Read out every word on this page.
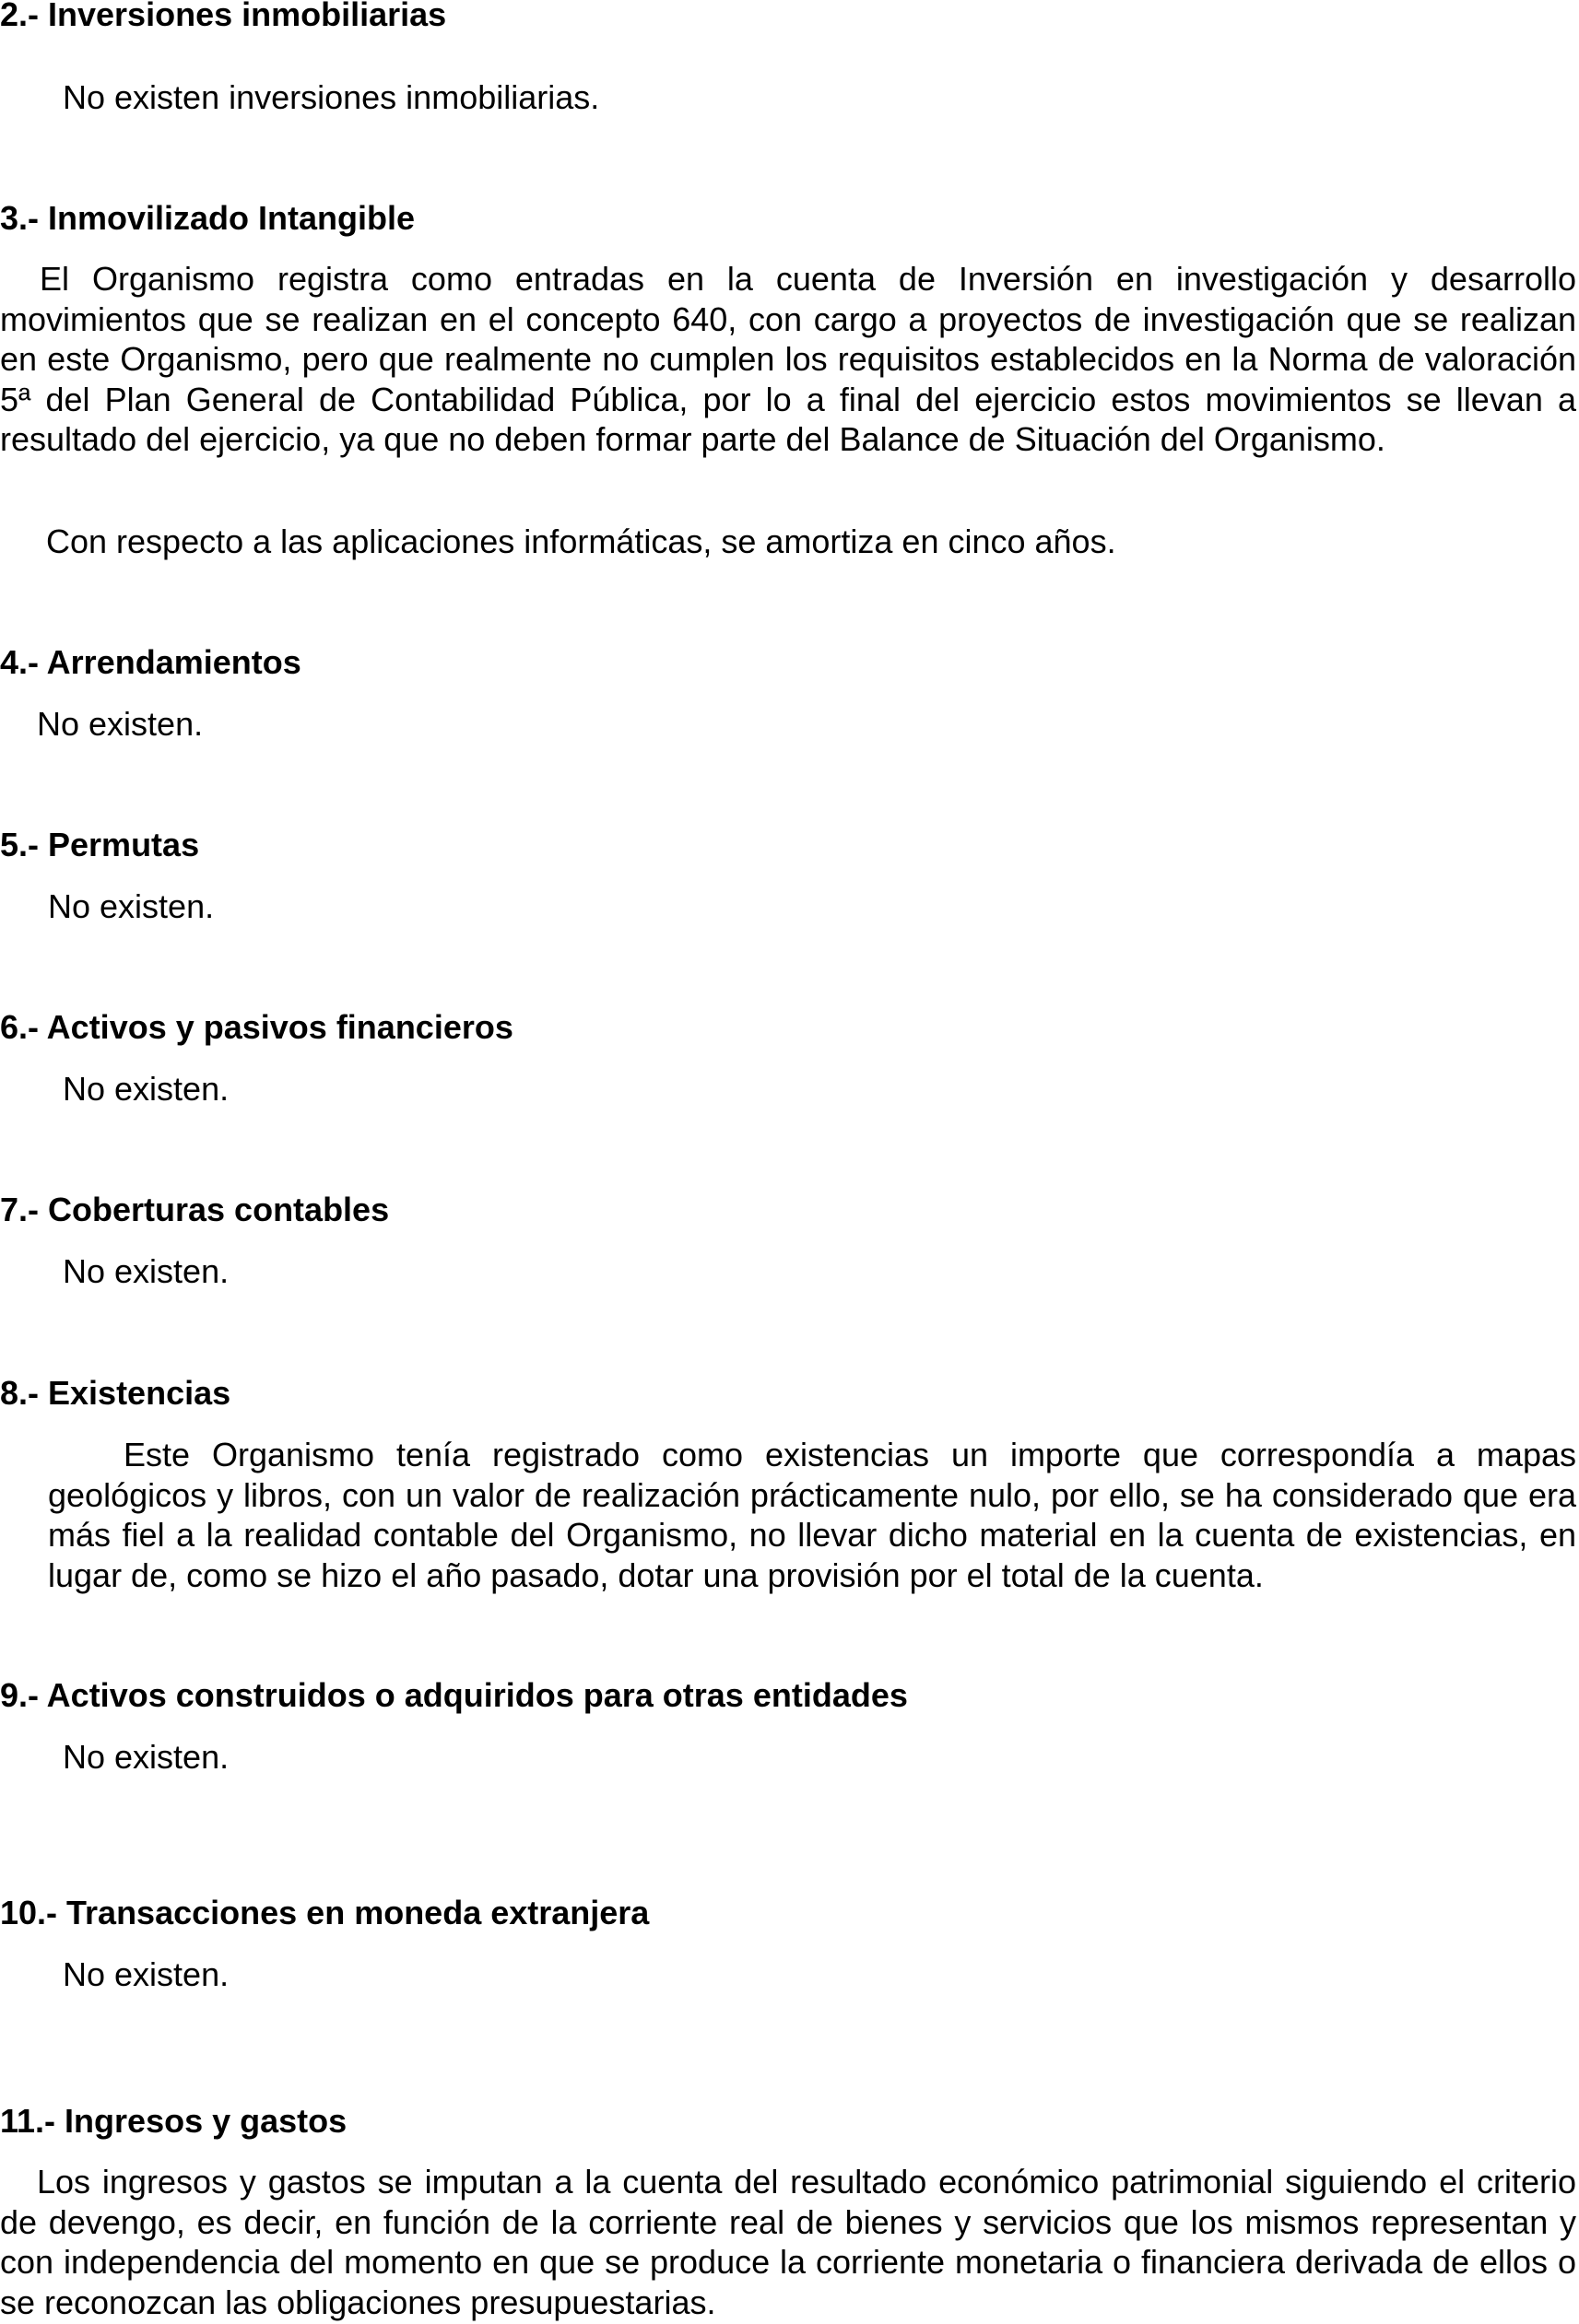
2.- Inversiones inmobiliarias

No existen inversiones inmobiliarias.

3.- Inmovilizado Intangible

El Organismo registra como entradas en la cuenta de Inversión en investigación y desarrollo movimientos que se realizan en el concepto 640, con cargo a proyectos de investigación que se realizan en este Organismo, pero que realmente no cumplen los requisitos establecidos en la Norma de valoración 5ª del Plan General de Contabilidad Pública, por lo a final del ejercicio estos movimientos se llevan a resultado del ejercicio, ya que no deben formar parte del Balance de Situación del Organismo.

Con respecto a las aplicaciones informáticas, se amortiza en cinco años.

4.- Arrendamientos

No existen.

5.- Permutas

No existen.

6.- Activos y pasivos financieros

No existen.

7.- Coberturas contables

No existen.

8.- Existencias

Este Organismo tenía registrado como existencias un importe que correspondía a mapas geológicos y libros, con un valor de realización prácticamente nulo, por ello, se ha considerado que era más fiel a la realidad contable del Organismo, no llevar dicho material en la cuenta de existencias, en lugar de, como se hizo el año pasado, dotar una provisión por el total de la cuenta.

9.- Activos construidos o adquiridos para otras entidades

No existen.

10.- Transacciones en moneda extranjera

No existen.

11.- Ingresos y gastos

Los ingresos y gastos se imputan a la cuenta del resultado económico patrimonial siguiendo el criterio de devengo, es decir, en función de la corriente real de bienes y servicios que los mismos representan y con independencia del momento en que se produce la corriente monetaria o financiera derivada de ellos o se reconozcan las obligaciones presupuestarias.
